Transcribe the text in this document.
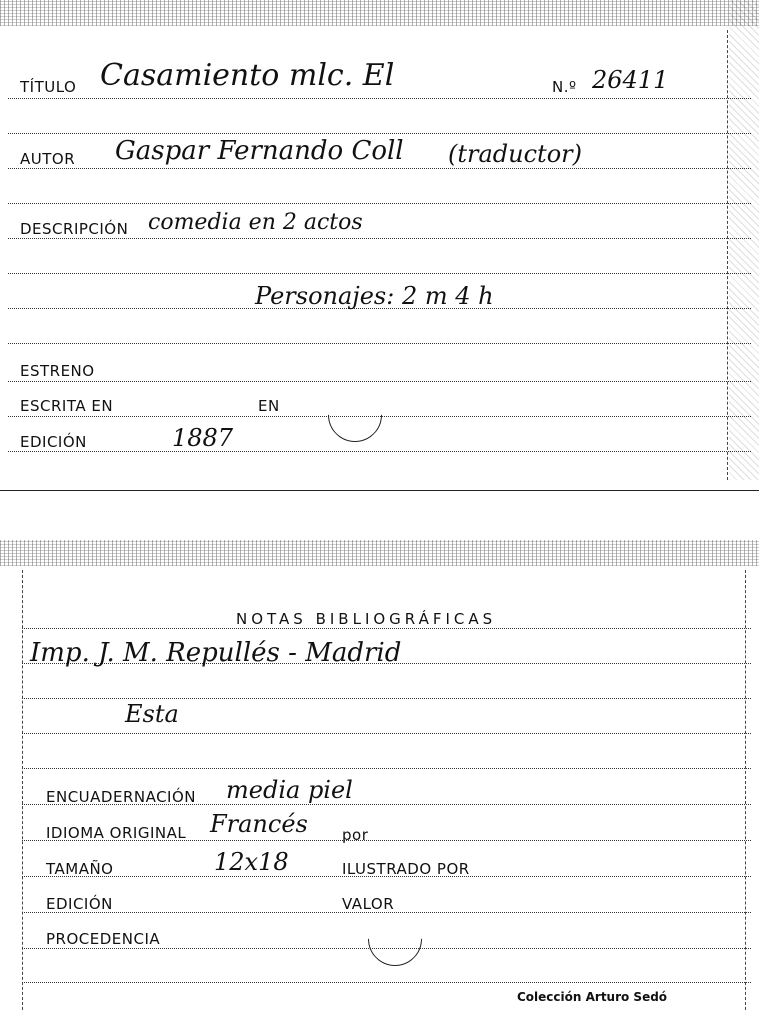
TÍTULO Casamiento mlc. El	N.º 26411
AUTOR Gaspar Fernando Coll (traductor)
DESCRIPCIÓN comedia en 2 actos
Personajes: 2 m 4 h
ESTRENO
ESCRITA EN	EN
EDICIÓN	1887
NOTAS BIBLIOGRÁFICAS
Imp. J. M. Repullés - Madrid
Esta
ENCUADERNACIÓN media piel
IDIOMA ORIGINAL Francés por
TAMAÑO	12x18	ILUSTRADO POR
EDICIÓN	VALOR
PROCEDENCIA
Colección Arturo Sedó
